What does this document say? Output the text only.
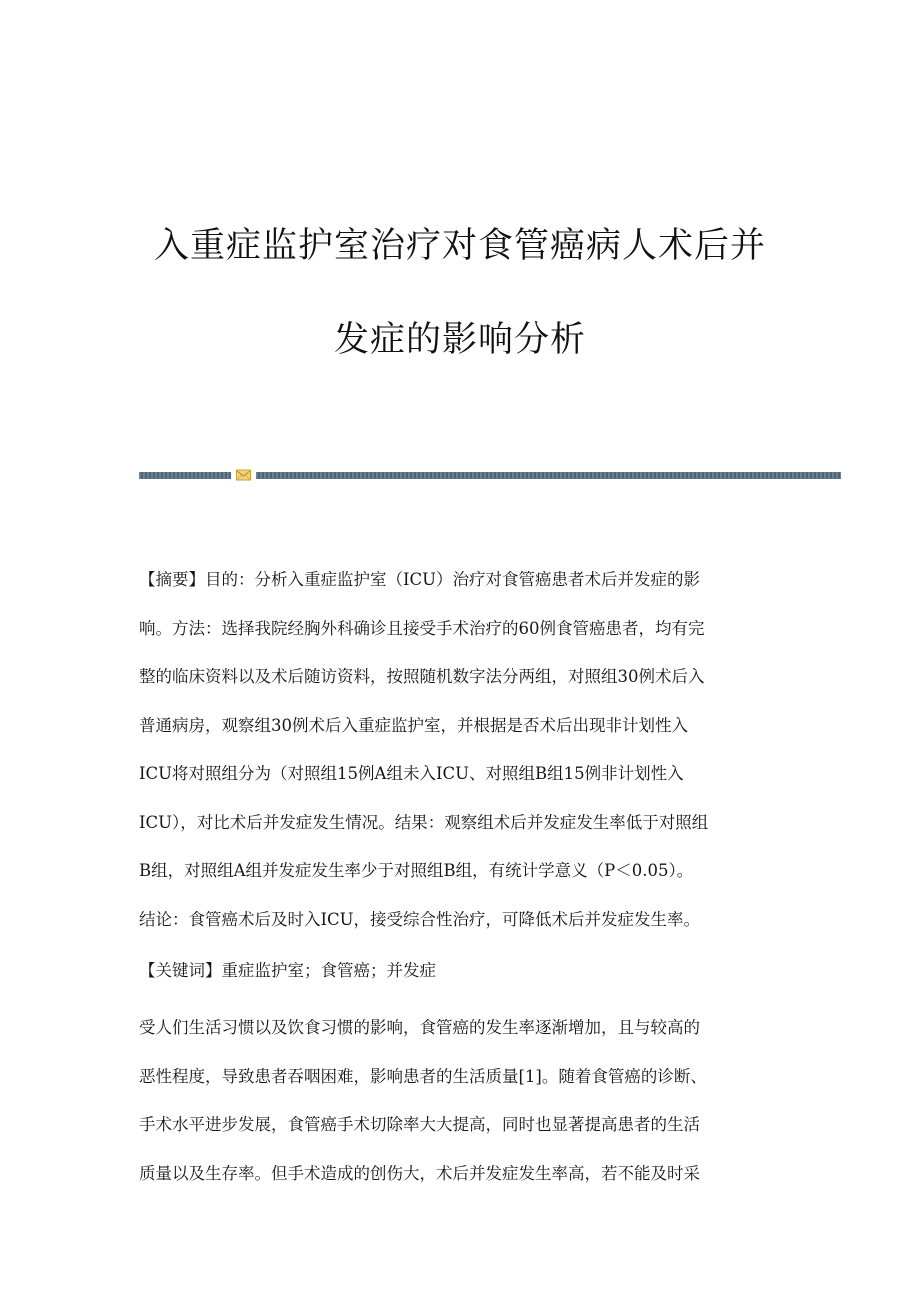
入重症监护室治疗对食管癌病人术后并
发症的影响分析

【摘要】目的：分析入重症监护室（ICU）治疗对食管癌患者术后并发症的影

响。方法：选择我院经胸外科确诊且接受手术治疗的60例食管癌患者，均有完

整的临床资料以及术后随访资料，按照随机数字法分两组，对照组30例术后入

普通病房，观察组30例术后入重症监护室，并根据是否术后出现非计划性入

ICU将对照组分为（对照组15例A组未入ICU、对照组B组15例非计划性入

ICU），对比术后并发症发生情况。结果：观察组术后并发症发生率低于对照组

B组，对照组A组并发症发生率少于对照组B组，有统计学意义（P＜0.05）。

结论：食管癌术后及时入ICU，接受综合性治疗，可降低术后并发症发生率。

【关键词】重症监护室；食管癌；并发症

受人们生活习惯以及饮食习惯的影响，食管癌的发生率逐渐增加，且与较高的

恶性程度，导致患者吞咽困难，影响患者的生活质量[1]。随着食管癌的诊断、

手术水平进步发展，食管癌手术切除率大大提高，同时也显著提高患者的生活

质量以及生存率。但手术造成的创伤大，术后并发症发生率高，若不能及时采
